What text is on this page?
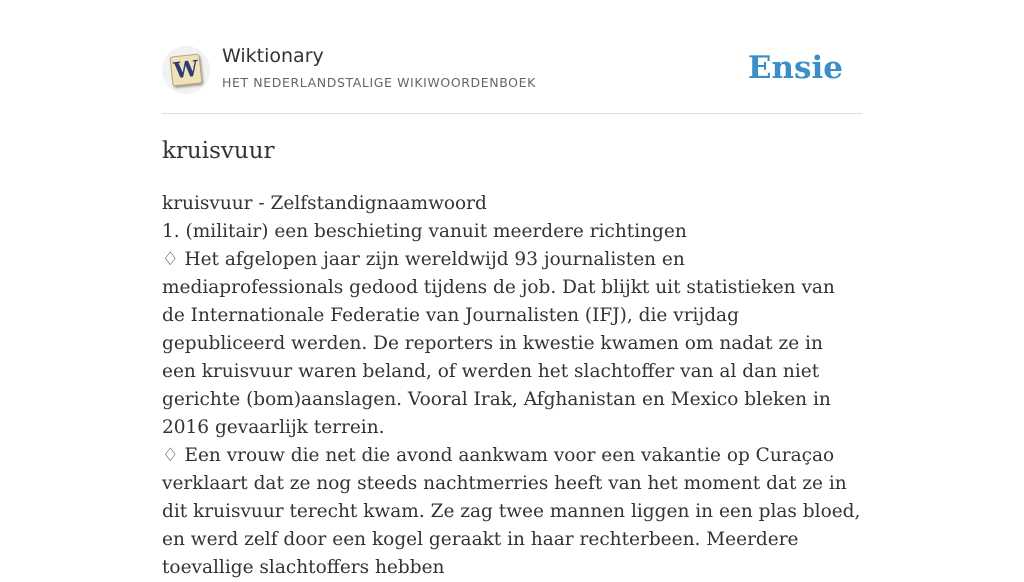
W Wiktionary
HET NEDERLANDSTALIGE WIKIWOORDENBOEK	Ensie
kruisvuur
kruisvuur - Zelfstandignaamwoord
1. (militair) een beschieting vanuit meerdere richtingen
♢ Het afgelopen jaar zijn wereldwijd 93 journalisten en mediaprofessionals gedood tijdens de job. Dat blijkt uit statistieken van de Internationale Federatie van Journalisten (IFJ), die vrijdag gepubliceerd werden. De reporters in kwestie kwamen om nadat ze in een kruisvuur waren beland, of werden het slachtoffer van al dan niet gerichte (bom)aanslagen. Vooral Irak, Afghanistan en Mexico bleken in 2016 gevaarlijk terrein.
♢ Een vrouw die net die avond aankwam voor een vakantie op Curaçao verklaart dat ze nog steeds nachtmerries heeft van het moment dat ze in dit kruisvuur terecht kwam. Ze zag twee mannen liggen in een plas bloed, en werd zelf door een kogel geraakt in haar rechterbeen. Meerdere toevallige slachtoffers hebben
